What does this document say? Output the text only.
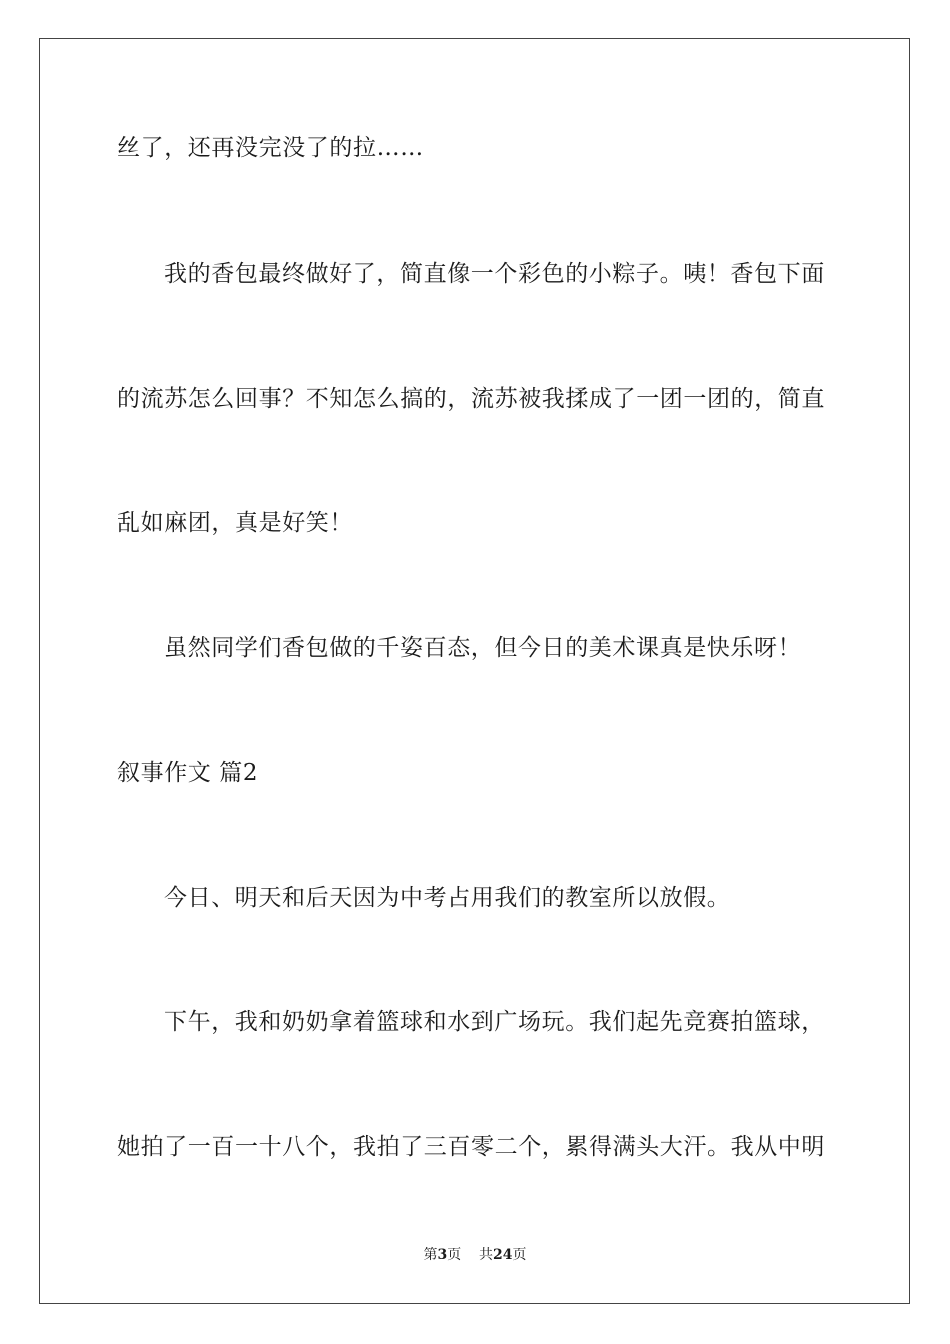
丝了，还再没完没了的拉……

我的香包最终做好了，简直像一个彩色的小粽子。咦！香包下面

的流苏怎么回事？不知怎么搞的，流苏被我揉成了一团一团的，简直

乱如麻团，真是好笑！

虽然同学们香包做的千姿百态，但今日的美术课真是快乐呀！

叙事作文 篇2

今日、明天和后天因为中考占用我们的教室所以放假。

下午，我和奶奶拿着篮球和水到广场玩。我们起先竞赛拍篮球，

她拍了一百一十八个，我拍了三百零二个，累得满头大汗。我从中明

第3页 共24页
